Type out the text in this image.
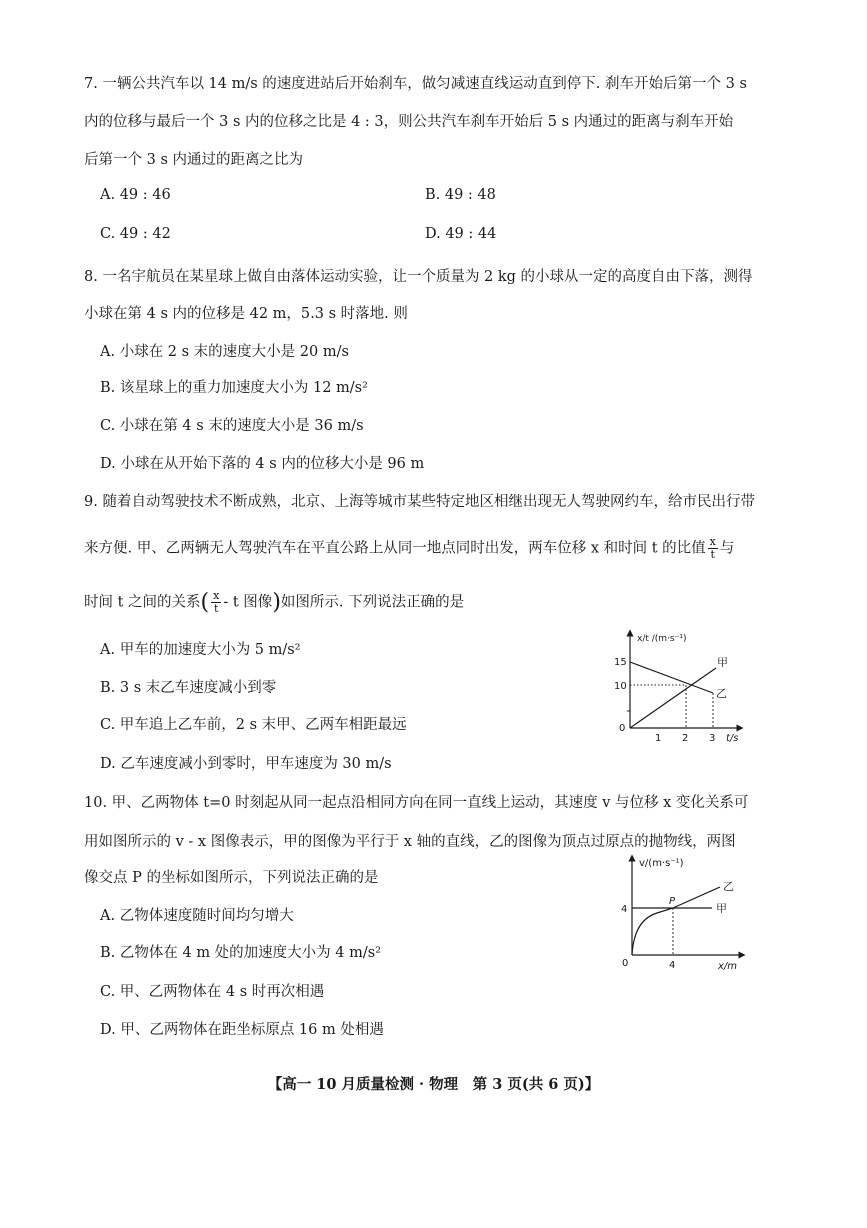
7. 一辆公共汽车以 14 m/s 的速度进站后开始刹车，做匀减速直线运动直到停下. 刹车开始后第一个 3 s
内的位移与最后一个 3 s 内的位移之比是 4 : 3，则公共汽车刹车开始后 5 s 内通过的距离与刹车开始
后第一个 3 s 内通过的距离之比为
A. 49 : 46	B. 49 : 48
C. 49 : 42	D. 49 : 44
8. 一名宇航员在某星球上做自由落体运动实验，让一个质量为 2 kg 的小球从一定的高度自由下落，测得
小球在第 4 s 内的位移是 42 m，5.3 s 时落地. 则
A. 小球在 2 s 末的速度大小是 20 m/s
B. 该星球上的重力加速度大小为 12 m/s²
C. 小球在第 4 s 末的速度大小是 36 m/s
D. 小球在从开始下落的 4 s 内的位移大小是 96 m
9. 随着自动驾驶技术不断成熟，北京、上海等城市某些特定地区相继出现无人驾驶网约车，给市民出行带
来方便. 甲、乙两辆无人驾驶汽车在平直公路上从同一地点同时出发，两车位移 x 和时间 t 的比值 $\frac{x}{t}$ 与
时间 t 之间的关系( $\frac{x}{t}$ - t 图像)如图所示. 下列说法正确的是
A. 甲车的加速度大小为 5 m/s²
B. 3 s 末乙车速度减小到零
C. 甲车追上乙车前，2 s 末甲、乙两车相距最远
D. 乙车速度减小到零时，甲车速度为 30 m/s
x/t /(m·s⁻¹)
t/s
15
10
0
1 2 3
甲
乙
10. 甲、乙两物体 t=0 时刻起从同一起点沿相同方向在同一直线上运动，其速度 v 与位移 x 变化关系可
用如图所示的 v - x 图像表示，甲的图像为平行于 x 轴的直线，乙的图像为顶点过原点的抛物线，两图
像交点 P 的坐标如图所示，下列说法正确的是
A. 乙物体速度随时间均匀增大
B. 乙物体在 4 m 处的加速度大小为 4 m/s²
C. 甲、乙两物体在 4 s 时再次相遇
D. 甲、乙两物体在距坐标原点 16 m 处相遇
v/(m·s⁻¹)
x/m
0
4
4
P
甲
乙
【高一 10 月质量检测 · 物理　第 3 页(共 6 页)】
